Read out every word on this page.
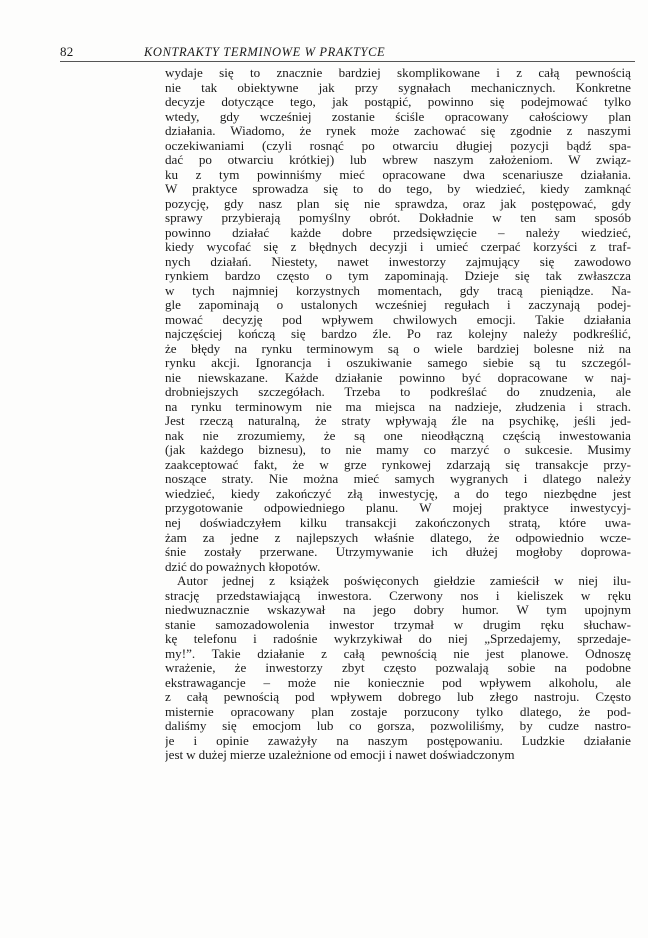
82	KONTRAKTY TERMINOWE W PRAKTYCE
wydaje się to znacznie bardziej skomplikowane i z całą pewnością
nie tak obiektywne jak przy sygnałach mechanicznych. Konkretne
decyzje dotyczące tego, jak postąpić, powinno się podejmować tylko
wtedy, gdy wcześniej zostanie ściśle opracowany całościowy plan
działania. Wiadomo, że rynek może zachować się zgodnie z naszymi
oczekiwaniami (czyli rosnąć po otwarciu długiej pozycji bądź spa-
dać po otwarciu krótkiej) lub wbrew naszym założeniom. W związ-
ku z tym powinniśmy mieć opracowane dwa scenariusze działania.
W praktyce sprowadza się to do tego, by wiedzieć, kiedy zamknąć
pozycję, gdy nasz plan się nie sprawdza, oraz jak postępować, gdy
sprawy przybierają pomyślny obrót. Dokładnie w ten sam sposób
powinno działać każde dobre przedsięwzięcie – należy wiedzieć,
kiedy wycofać się z błędnych decyzji i umieć czerpać korzyści z traf-
nych działań. Niestety, nawet inwestorzy zajmujący się zawodowo
rynkiem bardzo często o tym zapominają. Dzieje się tak zwłaszcza
w tych najmniej korzystnych momentach, gdy tracą pieniądze. Na-
gle zapominają o ustalonych wcześniej regułach i zaczynają podej-
mować decyzję pod wpływem chwilowych emocji. Takie działania
najczęściej kończą się bardzo źle. Po raz kolejny należy podkreślić,
że błędy na rynku terminowym są o wiele bardziej bolesne niż na
rynku akcji. Ignorancja i oszukiwanie samego siebie są tu szczegól-
nie niewskazane. Każde działanie powinno być dopracowane w naj-
drobniejszych szczegółach. Trzeba to podkreślać do znudzenia, ale
na rynku terminowym nie ma miejsca na nadzieje, złudzenia i strach.
Jest rzeczą naturalną, że straty wpływają źle na psychikę, jeśli jed-
nak nie zrozumiemy, że są one nieodłączną częścią inwestowania
(jak każdego biznesu), to nie mamy co marzyć o sukcesie. Musimy
zaakceptować fakt, że w grze rynkowej zdarzają się transakcje przy-
noszące straty. Nie można mieć samych wygranych i dlatego należy
wiedzieć, kiedy zakończyć złą inwestycję, a do tego niezbędne jest
przygotowanie odpowiedniego planu. W mojej praktyce inwestycyj-
nej doświadczyłem kilku transakcji zakończonych stratą, które uwa-
żam za jedne z najlepszych właśnie dlatego, że odpowiednio wcze-
śnie zostały przerwane. Utrzymywanie ich dłużej mogłoby doprowa-
dzić do poważnych kłopotów.
Autor jednej z książek poświęconych giełdzie zamieścił w niej ilu-
strację przedstawiającą inwestora. Czerwony nos i kieliszek w ręku
niedwuznacznie wskazywał na jego dobry humor. W tym upojnym
stanie samozadowolenia inwestor trzymał w drugim ręku słuchaw-
kę telefonu i radośnie wykrzykiwał do niej „Sprzedajemy, sprzedaje-
my!”. Takie działanie z całą pewnością nie jest planowe. Odnoszę
wrażenie, że inwestorzy zbyt często pozwalają sobie na podobne
ekstrawagancje – może nie koniecznie pod wpływem alkoholu, ale
z całą pewnością pod wpływem dobrego lub złego nastroju. Często
misternie opracowany plan zostaje porzucony tylko dlatego, że pod-
daliśmy się emocjom lub co gorsza, pozwoliliśmy, by cudze nastro-
je i opinie zaważyły na naszym postępowaniu. Ludzkie działanie
jest w dużej mierze uzależnione od emocji i nawet doświadczonym
